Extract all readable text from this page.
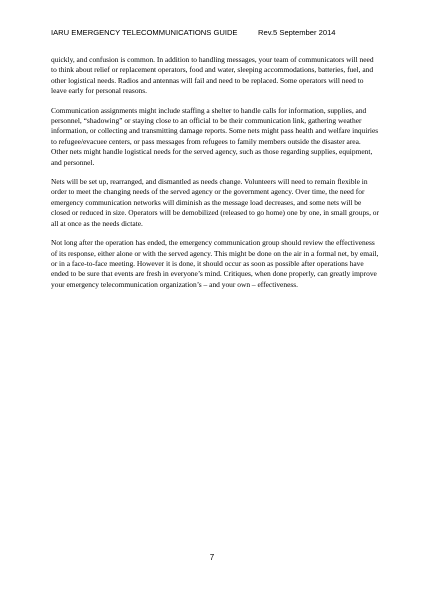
IARU EMERGENCY TELECOMMUNICATIONS GUIDE	Rev.5 September 2014

quickly, and confusion is common. In addition to handling messages, your team of communicators will need to think about relief or replacement operators, food and water, sleeping accommodations, batteries, fuel, and other logistical needs. Radios and antennas will fail and need to be replaced. Some operators will need to leave early for personal reasons.

Communication assignments might include staffing a shelter to handle calls for information, supplies, and personnel, “shadowing” or staying close to an official to be their communication link, gathering weather information, or collecting and transmitting damage reports. Some nets might pass health and welfare inquiries to refugee/evacuee centers, or pass messages from refugees to family members outside the disaster area. Other nets might handle logistical needs for the served agency, such as those regarding supplies, equipment, and personnel.

Nets will be set up, rearranged, and dismantled as needs change. Volunteers will need to remain flexible in order to meet the changing needs of the served agency or the government agency. Over time, the need for emergency communication networks will diminish as the message load decreases, and some nets will be closed or reduced in size. Operators will be demobilized (released to go home) one by one, in small groups, or all at once as the needs dictate.

Not long after the operation has ended, the emergency communication group should review the effectiveness of its response, either alone or with the served agency. This might be done on the air in a formal net, by email, or in a face-to-face meeting. However it is done, it should occur as soon as possible after operations have ended to be sure that events are fresh in everyone’s mind. Critiques, when done properly, can greatly improve your emergency telecommunication organization’s – and your own – effectiveness.

7
